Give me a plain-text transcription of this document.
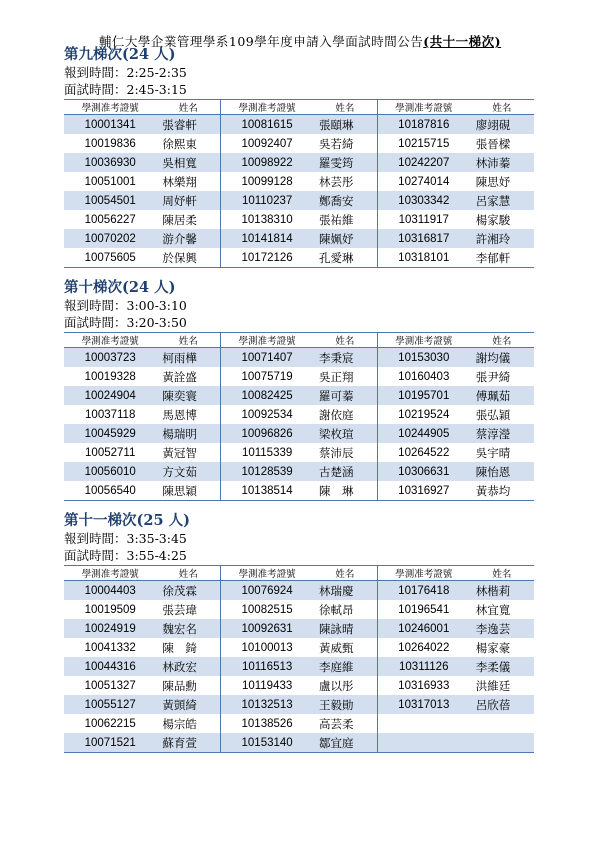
輔仁大學企業管理學系109學年度申請入學面試時間公告(共十一梯次)
第九梯次(24 人)
報到時間：2:25-2:35
面試時間：2:45-3:15
學測准考證號	姓名	學測准考證號	姓名	學測准考證號	姓名
10001341	張睿軒	10081615	張頤琳	10187816	廖翊硯
10019836	徐熙東	10092407	吳若綺	10215715	張晉樑
10036930	吳相寬	10098922	羅雯筠	10242207	林沛蓁
10051001	林樂翔	10099128	林芸彤	10274014	陳思妤
10054501	周妤軒	10110237	鄭喬安	10303342	呂家慧
10056227	陳居柔	10138310	張祐維	10311917	楊家駿
10070202	游介馨	10141814	陳姵妤	10316817	許湘玲
10075605	於保興	10172126	孔愛琳	10318101	李郁軒
第十梯次(24 人)
報到時間：3:00-3:10
面試時間：3:20-3:50
學測准考證號	姓名	學測准考證號	姓名	學測准考證號	姓名
10003723	柯雨樺	10071407	李秉宸	10153030	謝均儀
10019328	黃詮盛	10075719	吳正翔	10160403	張尹綺
10024904	陳奕寰	10082425	羅可蓁	10195701	傅珮茹
10037118	馬恩博	10092534	謝依庭	10219524	張弘穎
10045929	楊瑞明	10096826	梁枚瑄	10244905	蔡淳瀅
10052711	黃冠智	10115339	蔡沛辰	10264522	吳宇晴
10056010	方文茹	10128539	古楚涵	10306631	陳怡恩
10056540	陳思穎	10138514	陳　琳	10316927	黃恭均
第十一梯次(25 人)
報到時間：3:35-3:45
面試時間：3:55-4:25
學測准考證號	姓名	學測准考證號	姓名	學測准考證號	姓名
10004403	徐茂霖	10076924	林瑞慶	10176418	林楷莉
10019509	張芸瑋	10082515	徐軾昂	10196541	林宜寬
10024919	魏宏名	10092631	陳詠晴	10246001	李逸芸
10041332	陳　錡	10100013	黃威甄	10264022	楊家豪
10044316	林政宏	10116513	李庭維	10311126	李柔儀
10051327	陳品勳	10119433	盧以彤	10316933	洪維廷
10055127	黃顗綺	10132513	王毅勛	10317013	呂欣蓓
10062215	楊宗皓	10138526	高芸柔		
10071521	蘇育萱	10153140	鄒宜庭		
